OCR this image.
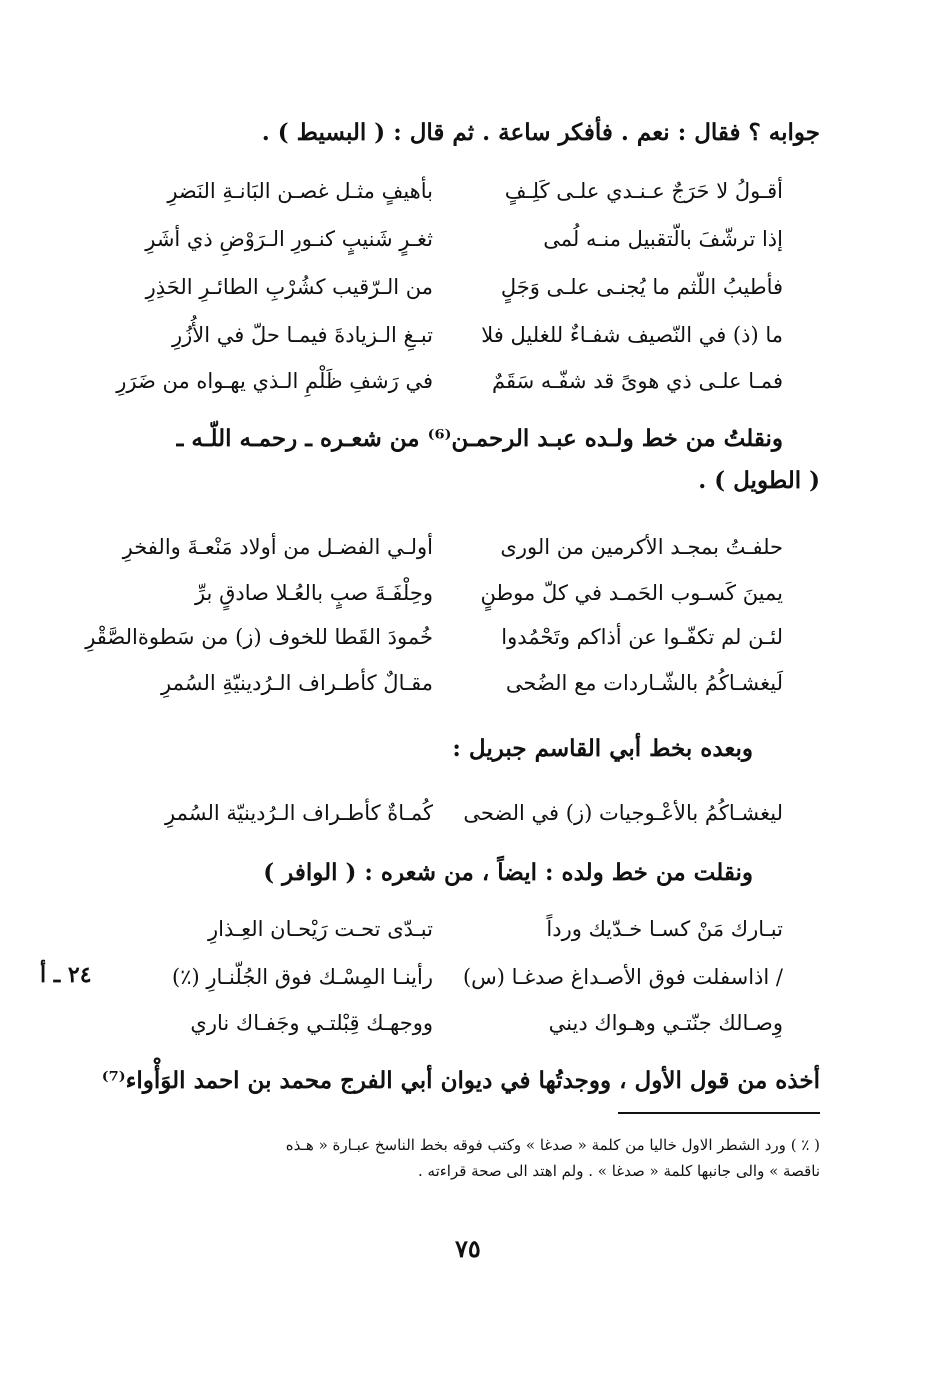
جوابه ؟ فقال : نعم . فأفكر ساعة . ثم قال : ( البسيط ) .
أقـولُ لا حَرَجٌ عـنـدي علـى كَلِـفٍ
بأهيفٍ مثـل غصـن البَانـةِ النَضرِ
إذا ترشّفَ بالّتقبيل منـه لُمى
ثغـرٍ شَنيبٍ كنـورِ الـرَوْضِ ذي أشَرِ
فأطيبُ اللّثم ما يُجنـى علـى وَجَلٍ
من الـرّقيب كشُرْبِ الطائـرِ الحَذِرِ
ما (ذ) في النّصيف شفـاءٌ للغليل فلا
تبـغِ الـزيادةَ فيمـا حلّ في الأُزُرِ
فمـا علـى ذي هوىً قد شفّـه سَقَمٌ
في رَشفِ ظَلْمِ الـذي يهـواه من ضَرَرِ
ونقلتُ من خط ولـده عبـد الرحمـن⁽⁶⁾ من شعـره ـ رحمـه اللّـه ـ
( الطويل ) .
حلفـتُ بمجـد الأكرمين من الورى
أولـي الفضـل من أولاد مَنْعـةَ والفخرِ
يمينَ كَسـوب الحَمـد في كلّ موطنٍ
وحِلْفَـةَ صبٍ بالعُـلا صادقٍ برِّ
لئـن لم تكفّـوا عن أذاكم وتَحْمُدوا
خُمودَ القَطا للخوف (ز) من سَطوةالصَّقْرِ
لَيغشـاكُمُ بالشّـاردات مع الضُحى
مقـالٌ كأطـراف الـرُدينيّةِ السُمرِ
وبعده بخط أبي القاسم جبريل :
ليغشـاكُمُ بالأعْـوجيات (ز) في الضحى
كُمـاةٌ كأطـراف الـرُدينيّة السُمرِ
ونقلت من خط ولده : ايضاً ، من شعره : ( الوافر )
تبـارك مَنْ كسـا خـدّيك ورداً
تبـدّى تحـت رَيْحـان العِـذارِ
/ اذاسفلت فوق الأصـداغ صدغـا (س)
رأينـا المِسْـك فوق الجُلّنـارِ (٪)
وِصـالك جنّتـي وهـواك ديني
ووجهـك قِبْلتـي وجَفـاك ناري
٢٤ ـ أ
أخذه من قول الأول ، ووجدتُها في ديوان أبي الفرج محمد بن احمد الوَأْواء⁽⁷⁾
( ٪ ) ورد الشطر الاول خاليا من كلمة « صدغا » وكتب فوقه بخط الناسخ عبـارة « هـذه
ناقصة » والى جانبها كلمة « صدغا » . ولم اهتد الى صحة قراءته .
٧٥
